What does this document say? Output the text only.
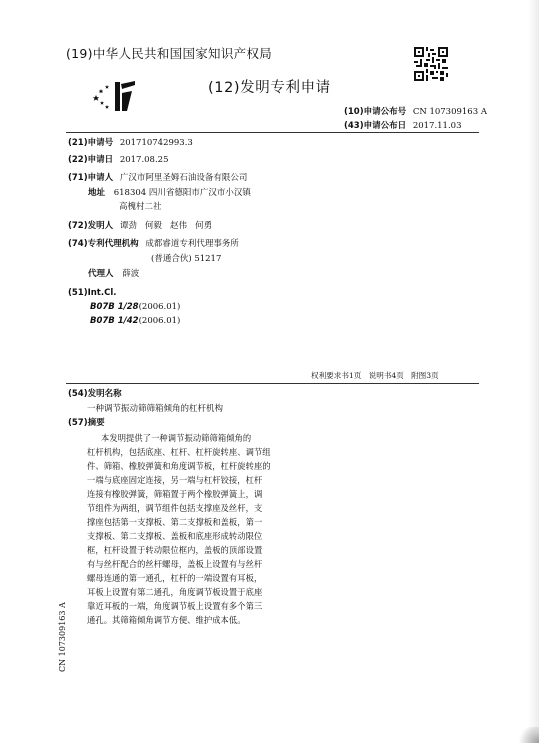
(19)中华人民共和国国家知识产权局
(12)发明专利申请
(10)申请公布号 CN 107309163 A
(43)申请公布日 2017.11.03
(21)申请号 201710742993.3
(22)申请日 2017.08.25
(71)申请人 广汉市阿里圣姆石油设备有限公司
地址 618304 四川省德阳市广汉市小汉镇
高槐村二社
(72)发明人 谭劲   何毅   赵伟   何勇
(74)专利代理机构 成都睿道专利代理事务所
(普通合伙) 51217
代理人 薛波
(51)Int.Cl.
B07B 1/28(2006.01)
B07B 1/42(2006.01)
权利要求书1页   说明书4页   附图3页
(54)发明名称
一种调节振动筛筛箱倾角的杠杆机构
(57)摘要
本发明提供了一种调节振动筛筛箱倾角的
杠杆机构，包括底座、杠杆、杠杆旋转座、调节组
件、筛箱、橡胶弹簧和角度调节板，杠杆旋转座的
一端与底座固定连接，另一端与杠杆铰接，杠杆
连接有橡胶弹簧，筛箱置于两个橡胶弹簧上，调
节组件为两组，调节组件包括支撑座及丝杆，支
撑座包括第一支撑板、第二支撑板和盖板，第一
支撑板、第二支撑板、盖板和底座形成转动限位
框，杠杆设置于转动限位框内，盖板的顶部设置
有与丝杆配合的丝杆螺母，盖板上设置有与丝杆
螺母连通的第一通孔，杠杆的一端设置有耳板，
耳板上设置有第二通孔，角度调节板设置于底座
靠近耳板的一端，角度调节板上设置有多个第三
通孔。其筛箱倾角调节方便、维护成本低。
CN 107309163 A
